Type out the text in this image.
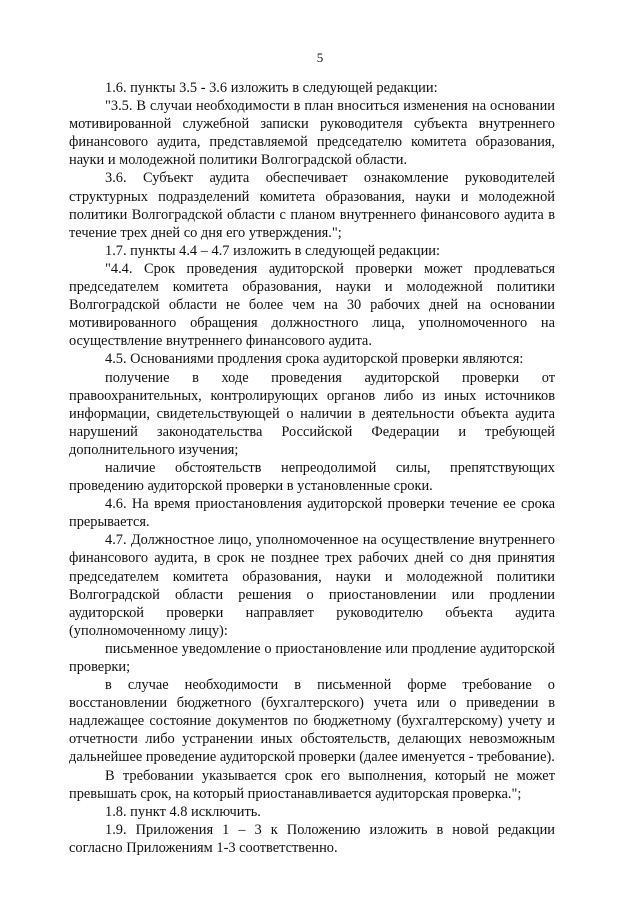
5

1.6. пункты 3.5 - 3.6 изложить в следующей редакции:

"3.5. В случаи необходимости в план вноситься изменения на основании мотивированной служебной записки руководителя субъекта внутреннего финансового аудита, представляемой председателю комитета образования, науки и молодежной политики Волгоградской области.

3.6. Субъект аудита обеспечивает ознакомление руководителей структурных подразделений комитета образования, науки и молодежной политики Волгоградской области с планом внутреннего финансового аудита в течение трех дней со дня его утверждения.";

1.7. пункты 4.4 – 4.7 изложить в следующей редакции:

"4.4. Срок проведения аудиторской проверки может продлеваться председателем комитета образования, науки и молодежной политики Волгоградской области не более чем на 30 рабочих дней на основании мотивированного обращения должностного лица, уполномоченного на осуществление внутреннего финансового аудита.

4.5. Основаниями продления срока аудиторской проверки являются:

получение в ходе проведения аудиторской проверки от правоохранительных, контролирующих органов либо из иных источников информации, свидетельствующей о наличии в деятельности объекта аудита нарушений законодательства Российской Федерации и требующей дополнительного изучения;

наличие обстоятельств непреодолимой силы, препятствующих проведению аудиторской проверки в установленные сроки.

4.6. На время приостановления аудиторской проверки течение ее срока прерывается.

4.7. Должностное лицо, уполномоченное на осуществление внутреннего финансового аудита, в срок не позднее трех рабочих дней со дня принятия председателем комитета образования, науки и молодежной политики Волгоградской области решения о приостановлении или продлении аудиторской проверки направляет руководителю объекта аудита (уполномоченному лицу):

письменное уведомление о приостановление или продление аудиторской проверки;

в случае необходимости в письменной форме требование о восстановлении бюджетного (бухгалтерского) учета или о приведении в надлежащее состояние документов по бюджетному (бухгалтерскому) учету и отчетности либо устранении иных обстоятельств, делающих невозможным дальнейшее проведение аудиторской проверки (далее именуется - требование).

В требовании указывается срок его выполнения, который не может превышать срок, на который приостанавливается аудиторская проверка.";

1.8. пункт 4.8 исключить.

1.9. Приложения 1 – 3 к Положению изложить в новой редакции согласно Приложениям 1-3 соответственно.
